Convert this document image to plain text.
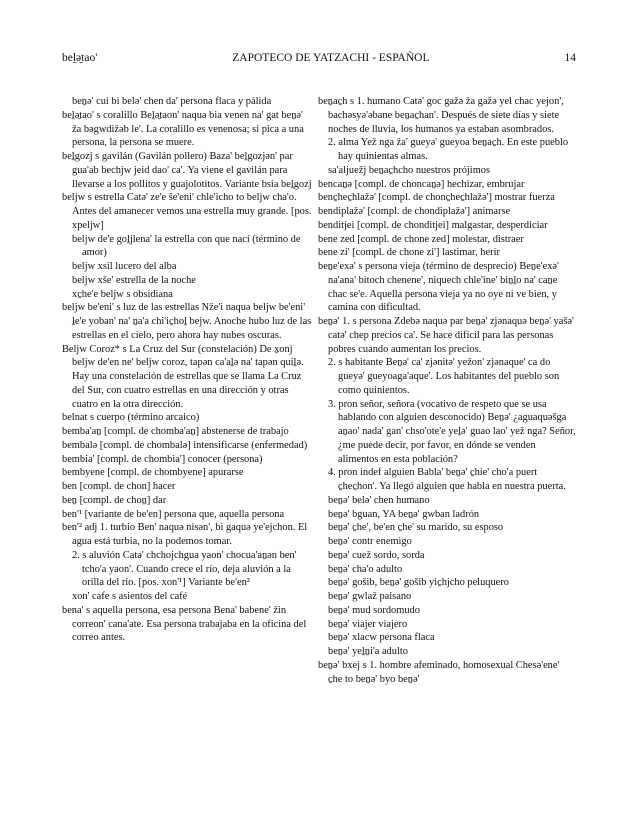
beḻə̱tao'	ZAPOTECO DE YATZACHI - ESPAÑOL	14

beṉə' cui bi belə' chen da' persona flaca y pálida

beḻə̱tao' s coralillo Beḻə̱taon' naquə bia venen na' gat beṉə' ža bəgwdižəb le'. La coralillo es venenosa; si pica a una persona, la persona se muere.

beḻgozj s gavilán (Gavilán pollero) Baza' beḻgozjən' par gua'ab bechjw jeid dao' ca'. Ya viene el gavilán para llevarse a los pollitos y guajolotitos. Variante bsia beḻgozj

beljw s estrella Catə' ze'e še'eni' chle'icho to beljw cha'o. Antes del amanecer vemos una estrella muy grande. [pos. xpeljw]

beljw de'e goḻjlena' la estrella con que nací (término de amor)

beljw xsil lucero del alba

beljw xše' estrella de la noche

xc̱he'e beljw s obsidiana

beljw be'eni' s luz de las estrellas Nže'i naquə beljw be'eni' ḻe'e yoban' na' ṉa'a chi'ic̱hoḻ bejw. Anoche hubo luz de las estrellas en el cielo, pero ahora hay nubes oscuras.

Beljw Coroz* s La Cruz del Sur (constelación) De x̱onj beljw de'en ne' beljw coroz, tapən ca'aḻə na' tapən quiḻə. Hay una constelación de estrellas que se llama La Cruz del Sur, con cuatro estrellas en una dirección y otras cuatro en la otra dirección.

belnat s cuerpo (término arcaico)

bemba'aṉ [compl. de chomba'aṉ] abstenerse de trabajo

bembalə [compl. de chombalə] intensificarse (enfermedad)

bembia' [compl. de chombia'] conocer (persona)

bembyene [compl. de chombyene] apurarse

ben [compl. de chon] hacer

beṉ [compl. de choṉ] dar

ben'¹ [variante de be'en] persona que, aquella persona

ben'² adj 1. turbio Ben' naquə nisən', bi gaquə ye'ejchon. El agua está turbia, no la podemos tomar.

2. s aluvión Catə' chchojchgua yaon' chocua'aṉən ben' tcho'a yaon'. Cuando crece el río, deja aluvión a la orilla del río. [pos. xon'¹] Variante be'en²

xon' cafe s asientos del café

bena' s aquella persona, esa persona Bena' babene' žin correon' cana'ate. Esa persona trabajaba en la oficina del correo antes.

beṉac̱h s 1. humano Catə' goc gažə ža gažə yel chac yejon', bachəsyə'əbane beṉac̱han'. Después de siete días y siete noches de lluvia, los humanos ya estaban asombrados.

2. alma Yež nga ža' gueyə' gueyoa beṉac̱h. En este pueblo hay quinientas almas.

sa'aljuežj beṉac̱hcho nuestros prójimos

bencaṉə [compl. de choncaṉə] hechizar, embrujar

benc̱hec̱hlažə' [compl. de chonc̱hec̱hlažə'] mostrar fuerza

bendiplažə' [compl. de chondiplažə'] animarse

benditjei [compl. de chonditjei] malgastar, desperdiciar

bene zed [compl. de chone zed] molestar, distraer

bene zi' [compl. de chone zi'] lastimar, herir

beṉe'exə' s persona vieja (término de desprecio) Beṉe'exə' na'ana' bitoch chenene', niquech chle'ine' biṉḻo na' caṉe chac se'e. Aquella persona vieja ya no oye ni ve bien, y camina con dificultad.

beṉə' 1. s persona Zdebə naquə par beṉə' zjənaquə beṉə' yašə' catə' chep precios ca'. Se hace difícil para las personas pobres cuando aumentan los precios.

2. s habitante Beṉə' ca' zjənitə' yežon' zjənaque' ca do gueyə' gueyoaga'aque'. Los habitantes del pueblo son como quinientos.

3. pron señor, señora (vocativo de respeto que se usa hablando con alguien desconocido) Beṉə' ¿aguaquəšga aṉao' nada' gan' chso'ote'e yeḻə' guao lao' yež nga? Señor, ¿me puede decir, por favor, en dónde se venden alimentos en esta población?

4. pron indef alguien Babla' beṉə' c̱hie' cho'a puert c̱hec̱hon'. Ya llegó alguien que habla en nuestra puerta.

beṉə' belə' chen humano

beṉə' bguan, YA beṉə' gwban ladrón

beṉə' c̱he', be'en c̱he' su marido, su esposo

beṉə' contr enemigo

beṉə' cuež sordo, sorda

beṉə' cha'o adulto

beṉə' gošib, beṉə' gošib yic̱hjcho peluquero

beṉə' gwlaž paisano

beṉə' mud sordomudo

beṉə' viajer viajero

beṉə' xlacw persona flaca

beṉə' yeḻṉi'a adulto

beṉə' bxej s 1. hombre afeminado, homosexual Chesə'ene' c̱he to beṉə' byo beṉə'
